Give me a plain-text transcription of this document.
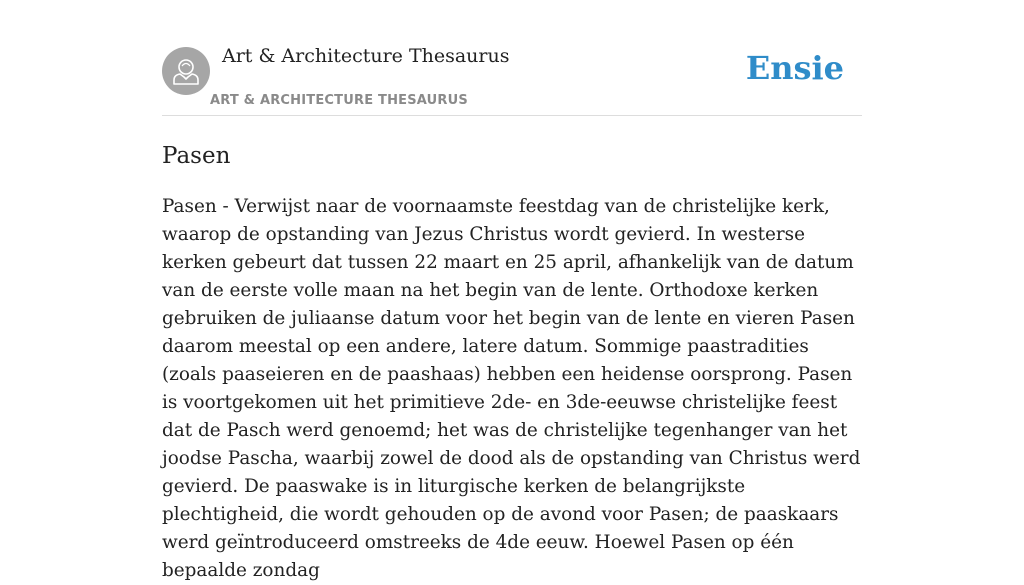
Art & Architecture Thesaurus
ART & ARCHITECTURE THESAURUS
Ensie
Pasen

Pasen - Verwijst naar de voornaamste feestdag van de christelijke kerk, waarop de opstanding van Jezus Christus wordt gevierd. In westerse kerken gebeurt dat tussen 22 maart en 25 april, afhankelijk van de datum van de eerste volle maan na het begin van de lente. Orthodoxe kerken gebruiken de juliaanse datum voor het begin van de lente en vieren Pasen daarom meestal op een andere, latere datum. Sommige paastradities (zoals paaseieren en de paashaas) hebben een heidense oorsprong. Pasen is voortgekomen uit het primitieve 2de- en 3de-eeuwse christelijke feest dat de Pasch werd genoemd; het was de christelijke tegenhanger van het joodse Pascha, waarbij zowel de dood als de opstanding van Christus werd gevierd. De paaswake is in liturgische kerken de belangrijkste plechtigheid, die wordt gehouden op de avond voor Pasen; de paaskaars werd geïntroduceerd omstreeks de 4de eeuw. Hoewel Pasen op één bepaalde zondag
